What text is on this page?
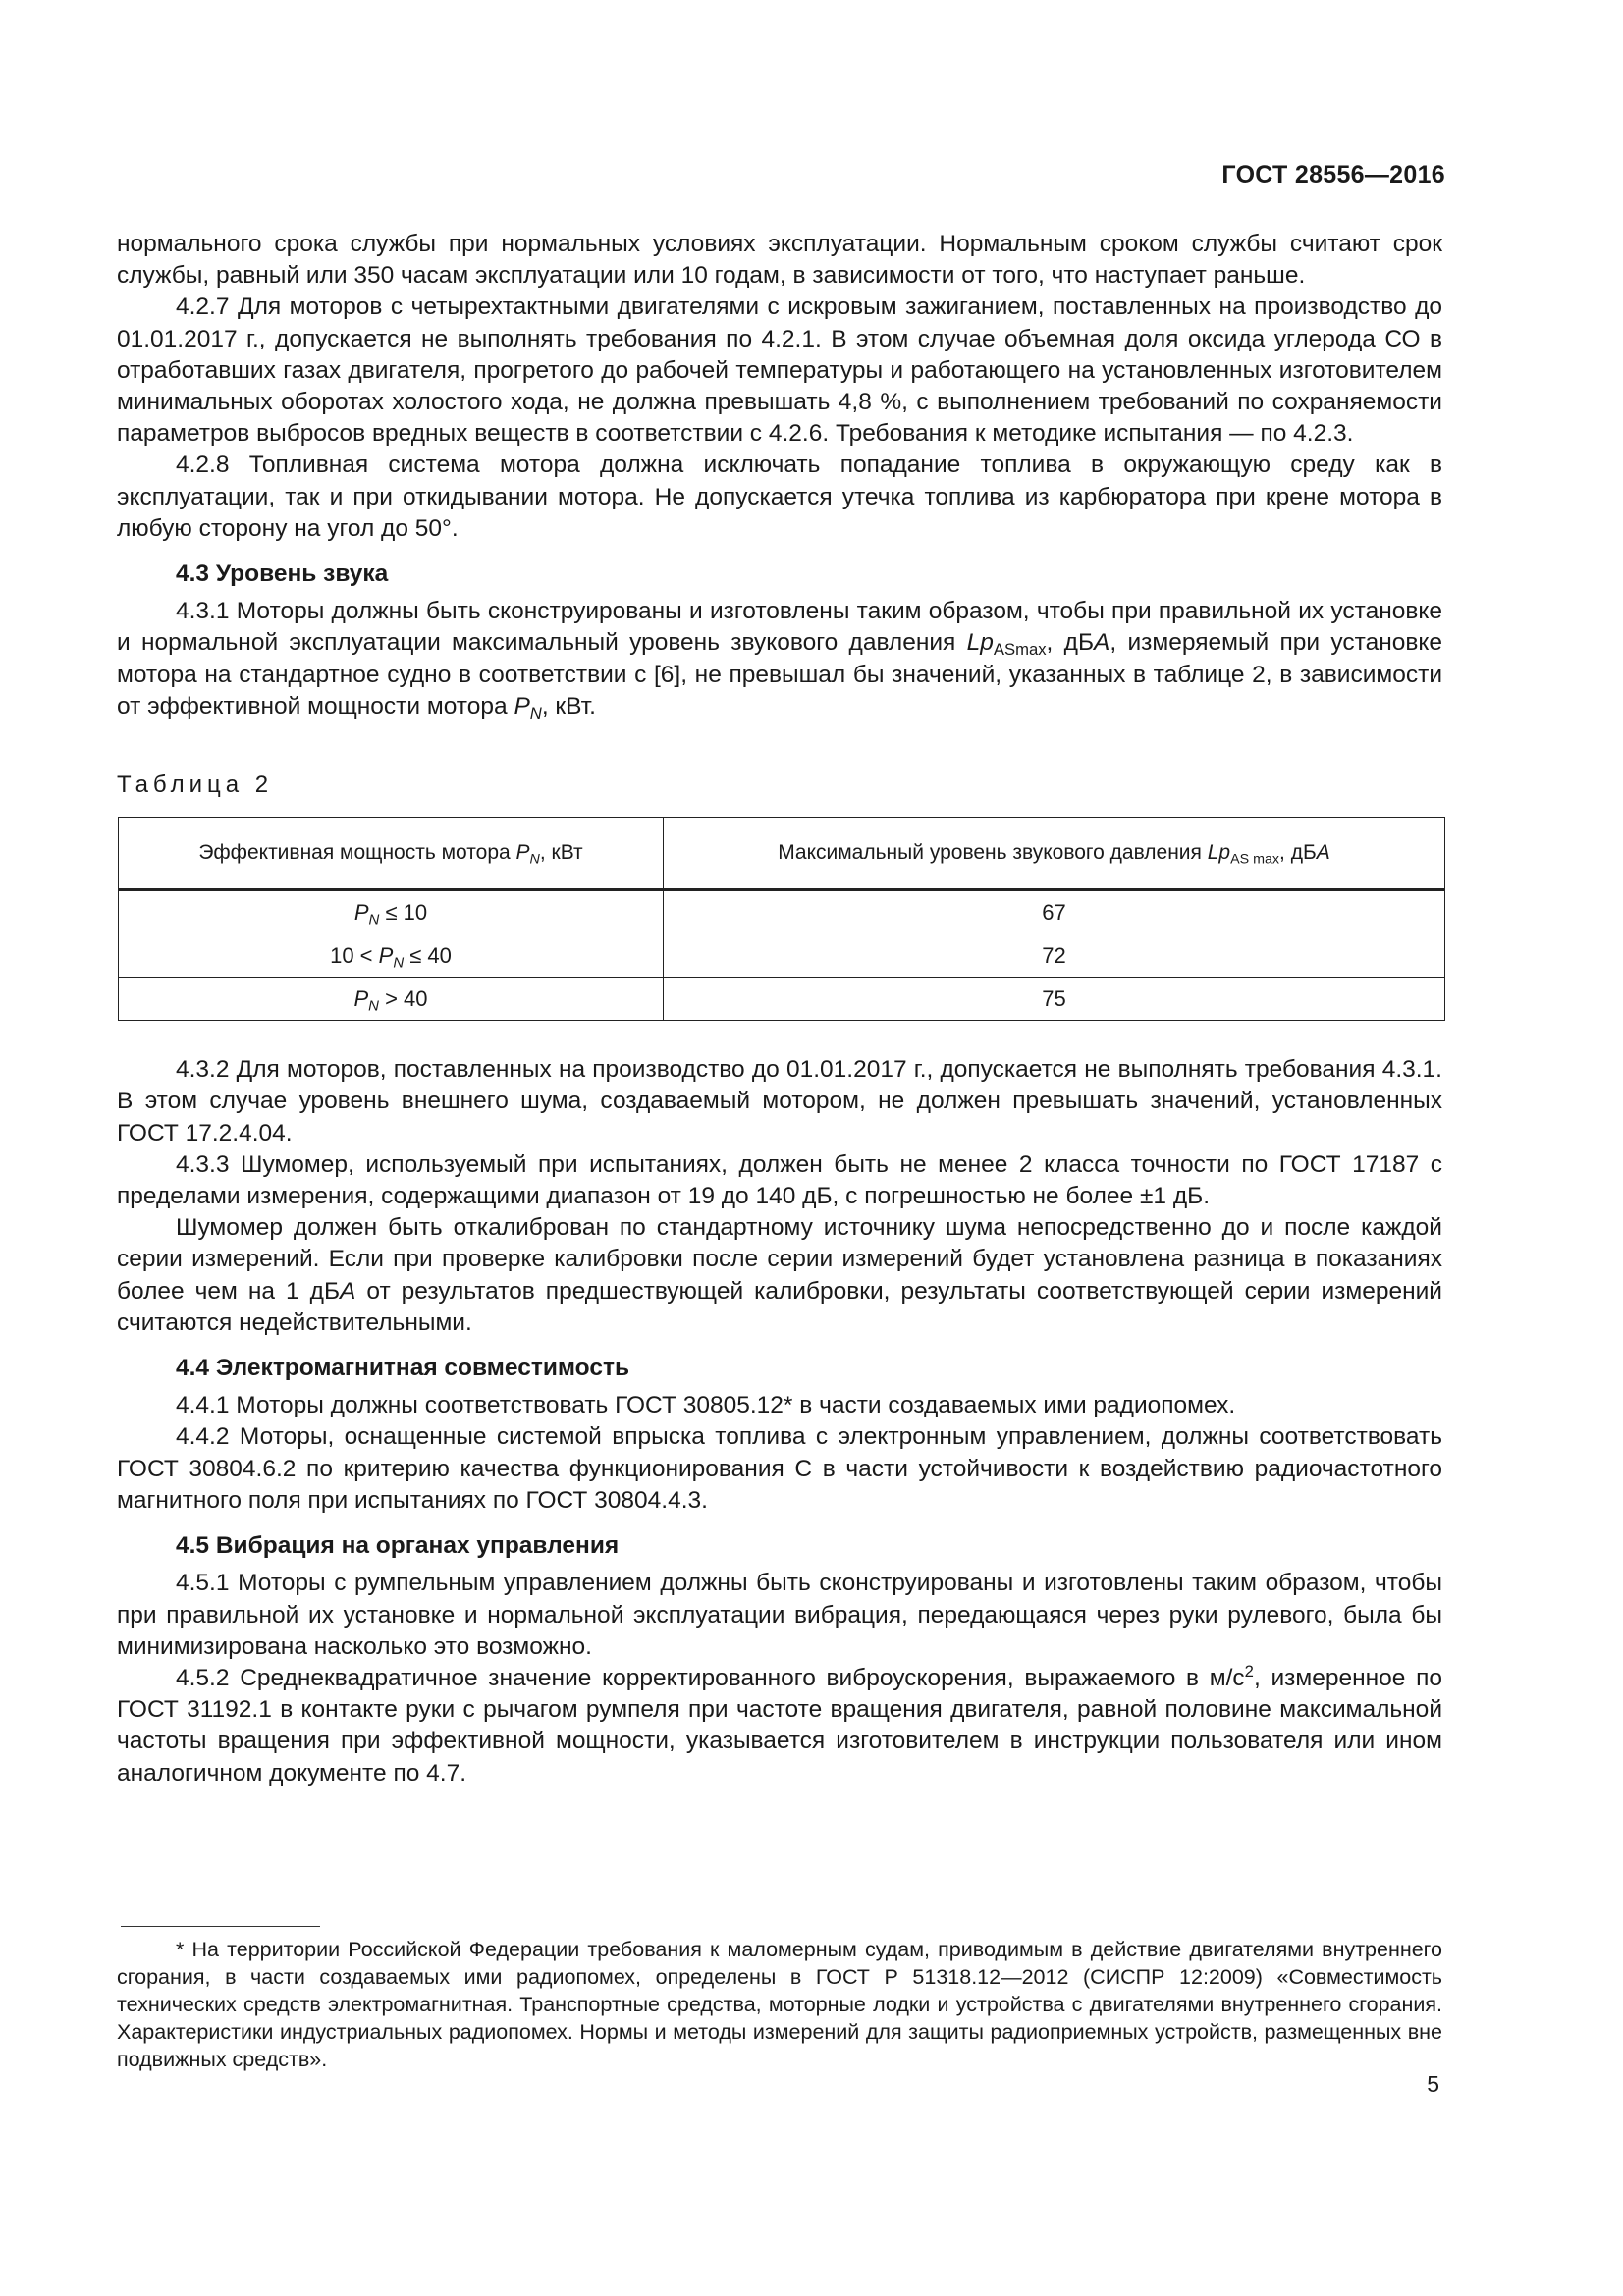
ГОСТ 28556—2016

нормального срока службы при нормальных условиях эксплуатации. Нормальным сроком службы считают срок службы, равный или 350 часам эксплуатации или 10 годам, в зависимости от того, что наступает раньше.

4.2.7 Для моторов с четырехтактными двигателями с искровым зажиганием, поставленных на производство до 01.01.2017 г., допускается не выполнять требования по 4.2.1. В этом случае объемная доля оксида углерода СО в отработавших газах двигателя, прогретого до рабочей температуры и работающего на установленных изготовителем минимальных оборотах холостого хода, не должна превышать 4,8 %, с выполнением требований по сохраняемости параметров выбросов вредных веществ в соответствии с 4.2.6. Требования к методике испытания — по 4.2.3.

4.2.8 Топливная система мотора должна исключать попадание топлива в окружающую среду как в эксплуатации, так и при откидывании мотора. Не допускается утечка топлива из карбюратора при крене мотора в любую сторону на угол до 50°.

4.3 Уровень звука

4.3.1 Моторы должны быть сконструированы и изготовлены таким образом, чтобы при правильной их установке и нормальной эксплуатации максимальный уровень звукового давления $Lp_{ASmax}$, дБА, измеряемый при установке мотора на стандартное судно в соответствии с [6], не превышал бы значений, указанных в таблице 2, в зависимости от эффективной мощности мотора $P_N$, кВт.

Таблица 2

Эффективная мощность мотора $P_N$, кВт	Максимальный уровень звукового давления $Lp_{AS max}$, дБА
$P_N \le 10$	67
$10 < P_N \le 40$	72
$P_N > 40$	75

4.3.2 Для моторов, поставленных на производство до 01.01.2017 г., допускается не выполнять требования 4.3.1. В этом случае уровень внешнего шума, создаваемый мотором, не должен превышать значений, установленных ГОСТ 17.2.4.04.

4.3.3 Шумомер, используемый при испытаниях, должен быть не менее 2 класса точности по ГОСТ 17187 с пределами измерения, содержащими диапазон от 19 до 140 дБ, с погрешностью не более ±1 дБ.

Шумомер должен быть откалиброван по стандартному источнику шума непосредственно до и после каждой серии измерений. Если при проверке калибровки после серии измерений будет установлена разница в показаниях более чем на 1 дБА от результатов предшествующей калибровки, результаты соответствующей серии измерений считаются недействительными.

4.4 Электромагнитная совместимость

4.4.1 Моторы должны соответствовать ГОСТ 30805.12* в части создаваемых ими радиопомех.

4.4.2 Моторы, оснащенные системой впрыска топлива с электронным управлением, должны соответствовать ГОСТ 30804.6.2 по критерию качества функционирования С в части устойчивости к воздействию радиочастотного магнитного поля при испытаниях по ГОСТ 30804.4.3.

4.5 Вибрация на органах управления

4.5.1 Моторы с румпельным управлением должны быть сконструированы и изготовлены таким образом, чтобы при правильной их установке и нормальной эксплуатации вибрация, передающаяся через руки рулевого, была бы минимизирована насколько это возможно.

4.5.2 Среднеквадратичное значение корректированного виброускорения, выражаемого в $м/с^2$, измеренное по ГОСТ 31192.1 в контакте руки с рычагом румпеля при частоте вращения двигателя, равной половине максимальной частоты вращения при эффективной мощности, указывается изготовителем в инструкции пользователя или ином аналогичном документе по 4.7.

* На территории Российской Федерации требования к маломерным судам, приводимым в действие двигателями внутреннего сгорания, в части создаваемых ими радиопомех, определены в ГОСТ Р 51318.12—2012 (СИСПР 12:2009) «Совместимость технических средств электромагнитная. Транспортные средства, моторные лодки и устройства с двигателями внутреннего сгорания. Характеристики индустриальных радиопомех. Нормы и методы измерений для защиты радиоприемных устройств, размещенных вне подвижных средств».

5
